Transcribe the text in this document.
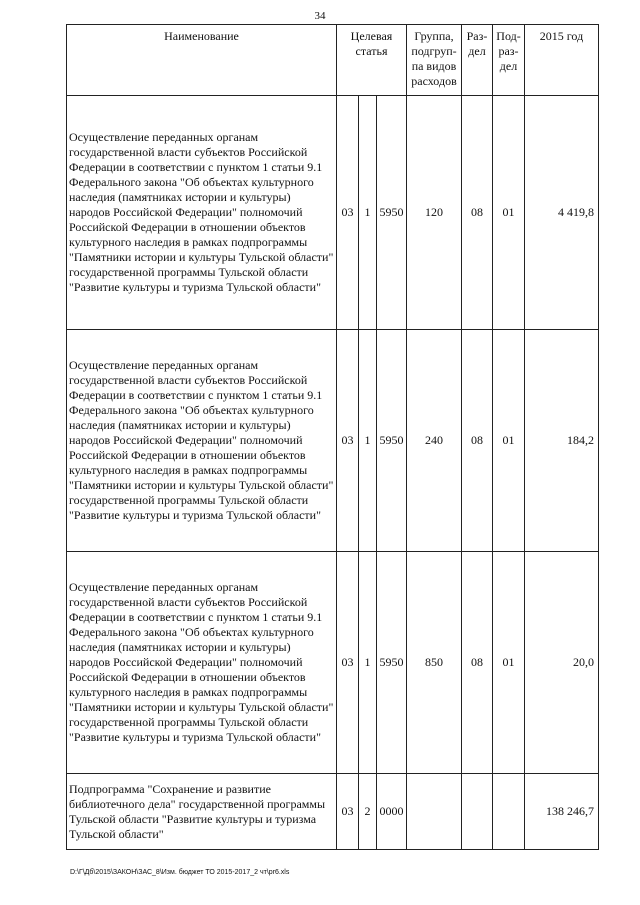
34
Наименование	Целевая статья			Группа, подгруп-па видов расходов	Раз-дел	Под-раз-дел	2015 год

Осуществление переданных органам государственной власти субъектов Российской Федерации в соответствии с пунктом 1 статьи 9.1 Федерального закона "Об объектах культурного наследия (памятниках истории и культуры) народов Российской Федерации" полномочий Российской Федерации в отношении объектов культурного наследия в рамках подпрограммы "Памятники истории и культуры Тульской области" государственной программы Тульской области "Развитие культуры и туризма Тульской области"	03	1	5950	120	08	01	4 419,8
Осуществление переданных органам государственной власти субъектов Российской Федерации в соответствии с пунктом 1 статьи 9.1 Федерального закона "Об объектах культурного наследия (памятниках истории и культуры) народов Российской Федерации" полномочий Российской Федерации в отношении объектов культурного наследия в рамках подпрограммы "Памятники истории и культуры Тульской области" государственной программы Тульской области "Развитие культуры и туризма Тульской области"	03	1	5950	240	08	01	184,2
Осуществление переданных органам государственной власти субъектов Российской Федерации в соответствии с пунктом 1 статьи 9.1 Федерального закона "Об объектах культурного наследия (памятниках истории и культуры) народов Российской Федерации" полномочий Российской Федерации в отношении объектов культурного наследия в рамках подпрограммы "Памятники истории и культуры Тульской области" государственной программы Тульской области "Развитие культуры и туризма Тульской области"	03	1	5950	850	08	01	20,0
Подпрограмма "Сохранение и развитие библиотечного дела" государственной программы Тульской области "Развитие культуры и туризма Тульской области"	03	2	0000				138 246,7
D:\Г\Дб\2015\ЗАКОН\ЗАС_8\Изм. бюджет ТО 2015-2017_2 чт\pr6.xls
